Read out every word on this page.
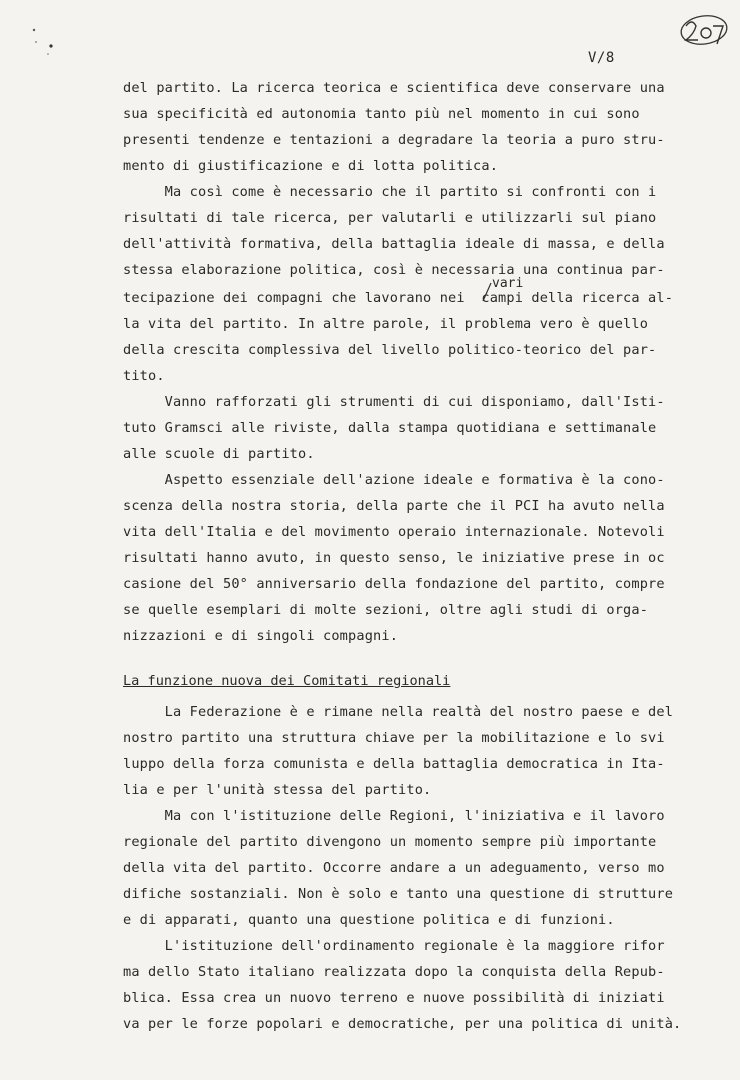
V/8
del partito. La ricerca teorica e scientifica deve conservare una
sua specificità ed autonomia tanto più nel momento in cui sono
presenti tendenze e tentazioni a degradare la teoria a puro stru-
mento di giustificazione e di lotta politica.
Ma così come è necessario che il partito si confronti con i
risultati di tale ricerca, per valutarli e utilizzarli sul piano
dell'attività formativa, della battaglia ideale di massa, e della
stessa elaborazione politica, così è necessaria una continua par-
vari
tecipazione dei compagni che lavorano nei  campi della ricerca al-
la vita del partito. In altre parole, il problema vero è quello
della crescita complessiva del livello politico-teorico del par-
tito.
Vanno rafforzati gli strumenti di cui disponiamo, dall'Isti-
tuto Gramsci alle riviste, dalla stampa quotidiana e settimanale
alle scuole di partito.
Aspetto essenziale dell'azione ideale e formativa è la cono-
scenza della nostra storia, della parte che il PCI ha avuto nella
vita dell'Italia e del movimento operaio internazionale. Notevoli
risultati hanno avuto, in questo senso, le iniziative prese in oc
casione del 50° anniversario della fondazione del partito, compre
se quelle esemplari di molte sezioni, oltre agli studi di orga-
nizzazioni e di singoli compagni.
La funzione nuova dei Comitati regionali
La Federazione è e rimane nella realtà del nostro paese e del
nostro partito una struttura chiave per la mobilitazione e lo svi
luppo della forza comunista e della battaglia democratica in Ita-
lia e per l'unità stessa del partito.
Ma con l'istituzione delle Regioni, l'iniziativa e il lavoro
regionale del partito divengono un momento sempre più importante
della vita del partito. Occorre andare a un adeguamento, verso mo
difiche sostanziali. Non è solo e tanto una questione di strutture
e di apparati, quanto una questione politica e di funzioni.
L'istituzione dell'ordinamento regionale è la maggiore rifor
ma dello Stato italiano realizzata dopo la conquista della Repub-
blica. Essa crea un nuovo terreno e nuove possibilità di iniziati
va per le forze popolari e democratiche, per una politica di unità.
